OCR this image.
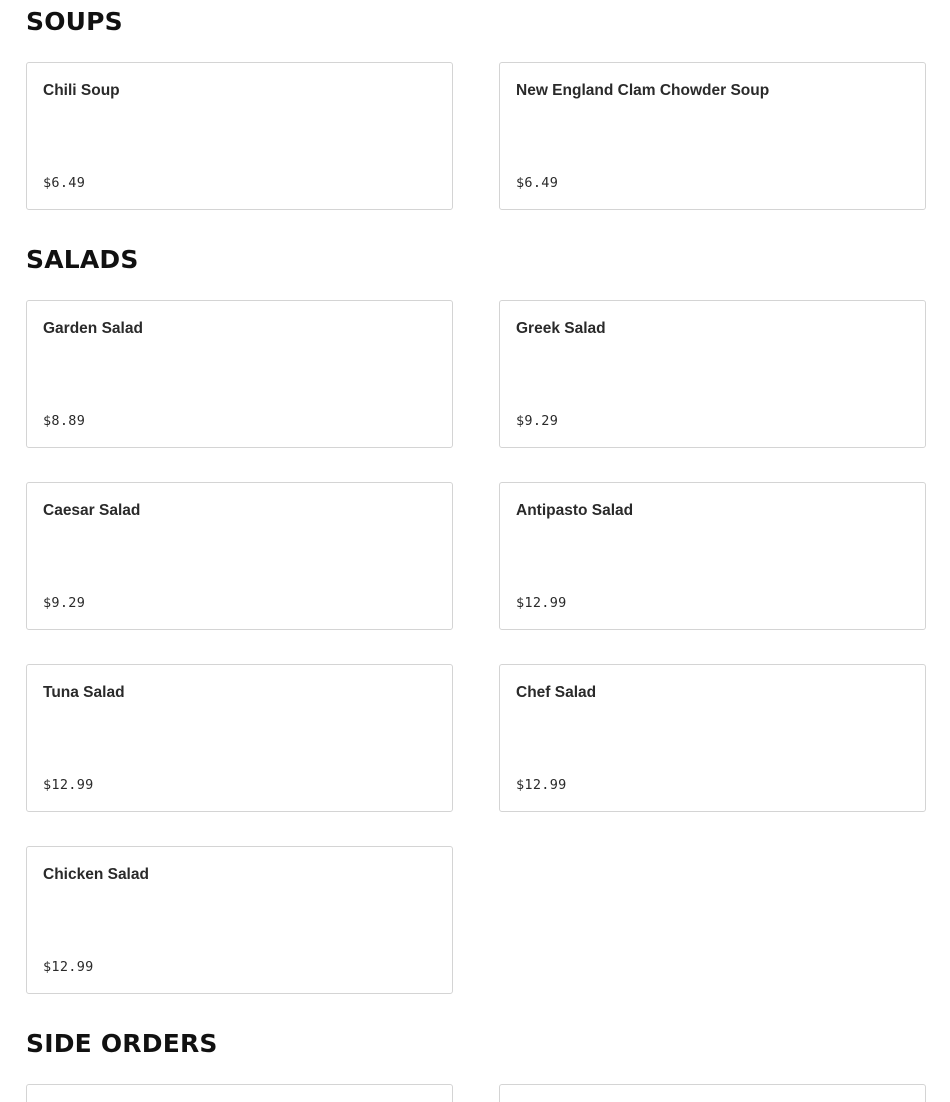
SOUPS
Chili Soup
$6.49
New England Clam Chowder Soup
$6.49
SALADS
Garden Salad
$8.89
Greek Salad
$9.29
Caesar Salad
$9.29
Antipasto Salad
$12.99
Tuna Salad
$12.99
Chef Salad
$12.99
Chicken Salad
$12.99
SIDE ORDERS
